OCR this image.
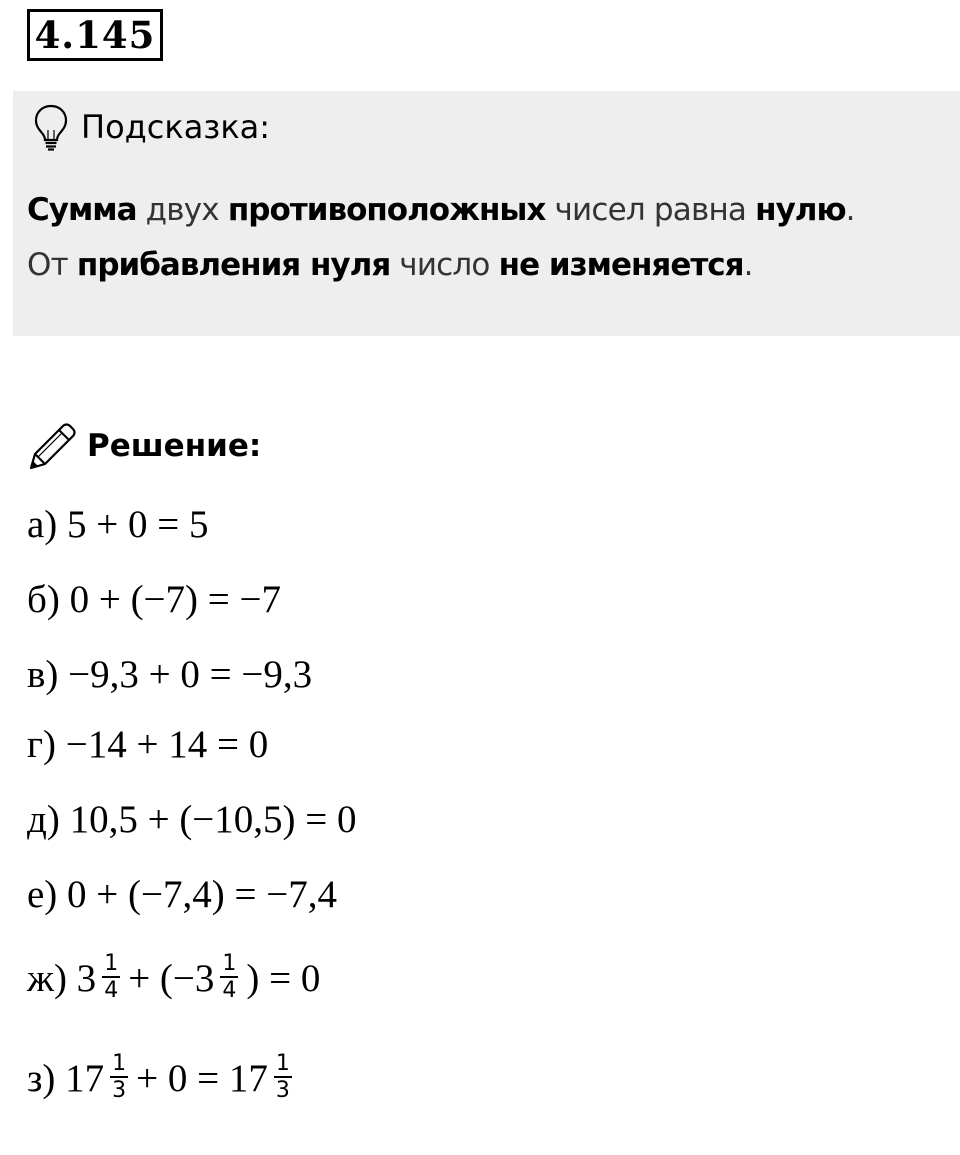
4.145
Подсказка:
Сумма двух противоположных чисел равна нулю.
От прибавления нуля число не изменяется.
Решение:
а) 5 + 0 = 5
б) 0 + (−7) = −7
в) −9,3 + 0 = −9,3
г) −14 + 14 = 0
д) 10,5 + (−10,5) = 0
е) 0 + (−7,4) = −7,4
ж) $3 \frac{1}{4} + (-3 \frac{1}{4}$ ) = 0
з) $17 \frac{1}{3} + 0 = 17 \frac{1}{3}$
